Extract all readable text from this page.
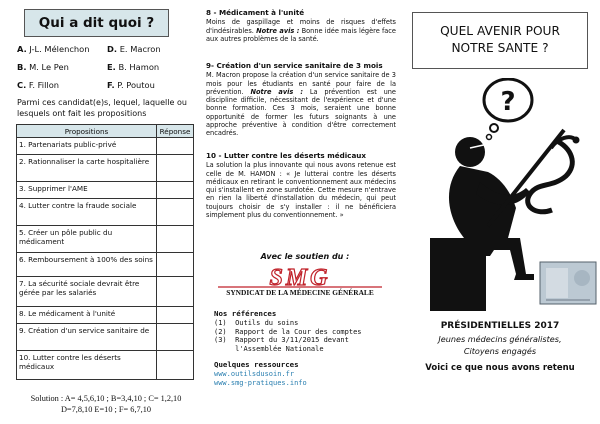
Qui a dit quoi ?
A. J-L. Mélenchon D. E. Macron
B. M. Le Pen	E. B. Hamon
C. F. Fillon	F. P. Poutou
Parmi ces candidat(e)s, lequel, laquelle ou lesquels ont fait les propositions
Propositions	Réponse
1. Partenariats public-privé	
2. Rationnaliser la carte hospitalière	
3. Supprimer l'AME	
4. Lutter contre la fraude sociale	
5. Créer un pôle public du médicament	
6. Remboursement à 100% des soins	
7. La sécurité sociale devrait être gérée par les salariés	
8. Le médicament à l'unité	
9. Création d'un service sanitaire de	
10. Lutter contre les déserts médicaux	
Solution : A= 4,5,6,10 ; B=3,4,10 ; C= 1,2,10
D=7,8,10 E=10 ; F= 6,7,10
8 - Médicament à l'unité

Moins de gaspillage et moins de risques d'effets d'indésirables. Notre avis : Bonne idée mais légère face aux autres problèmes de la santé.

9- Création d'un service sanitaire de 3 mois

M. Macron propose la création d'un service sanitaire de 3 mois pour les étudiants en santé pour faire de la prévention. Notre avis : La prévention est une discipline difficile, nécessitant de l'expérience et d'une bonne formation. Ces 3 mois, seraient une bonne opportunité de former les futurs soignants à une approche préventive à condition d'être correctement encadrés.

10 - Lutter contre les déserts médicaux

La solution la plus innovante qui nous avons retenue est celle de M. HAMON : « Je lutterai contre les déserts médicaux en retirant le conventionnement aux médecins qui s'installent en zone surdotée. Cette mesure n'entrave en rien la liberté d'installation du médecin, qui peut toujours choisir de s'y installer : il ne bénéficiera simplement plus du conventionnement. »

Avec le soutien du :
SMG
SYNDICAT DE LA MÉDECINE GÉNÉRALE
Nos références
(1)  Outils du soins
(2)  Rapport de la Cour des comptes
(3)  Rapport du 3/11/2015 devant
l'Assemblée Nationale
Quelques ressources
www.outilsdusoin.fr
www.smg-pratiques.info
QUEL AVENIR POUR
NOTRE SANTE ?
?
PRÉSIDENTIELLES 2017
Jeunes médecins généralistes,
Citoyens engagés
Voici ce que nous avons retenu
